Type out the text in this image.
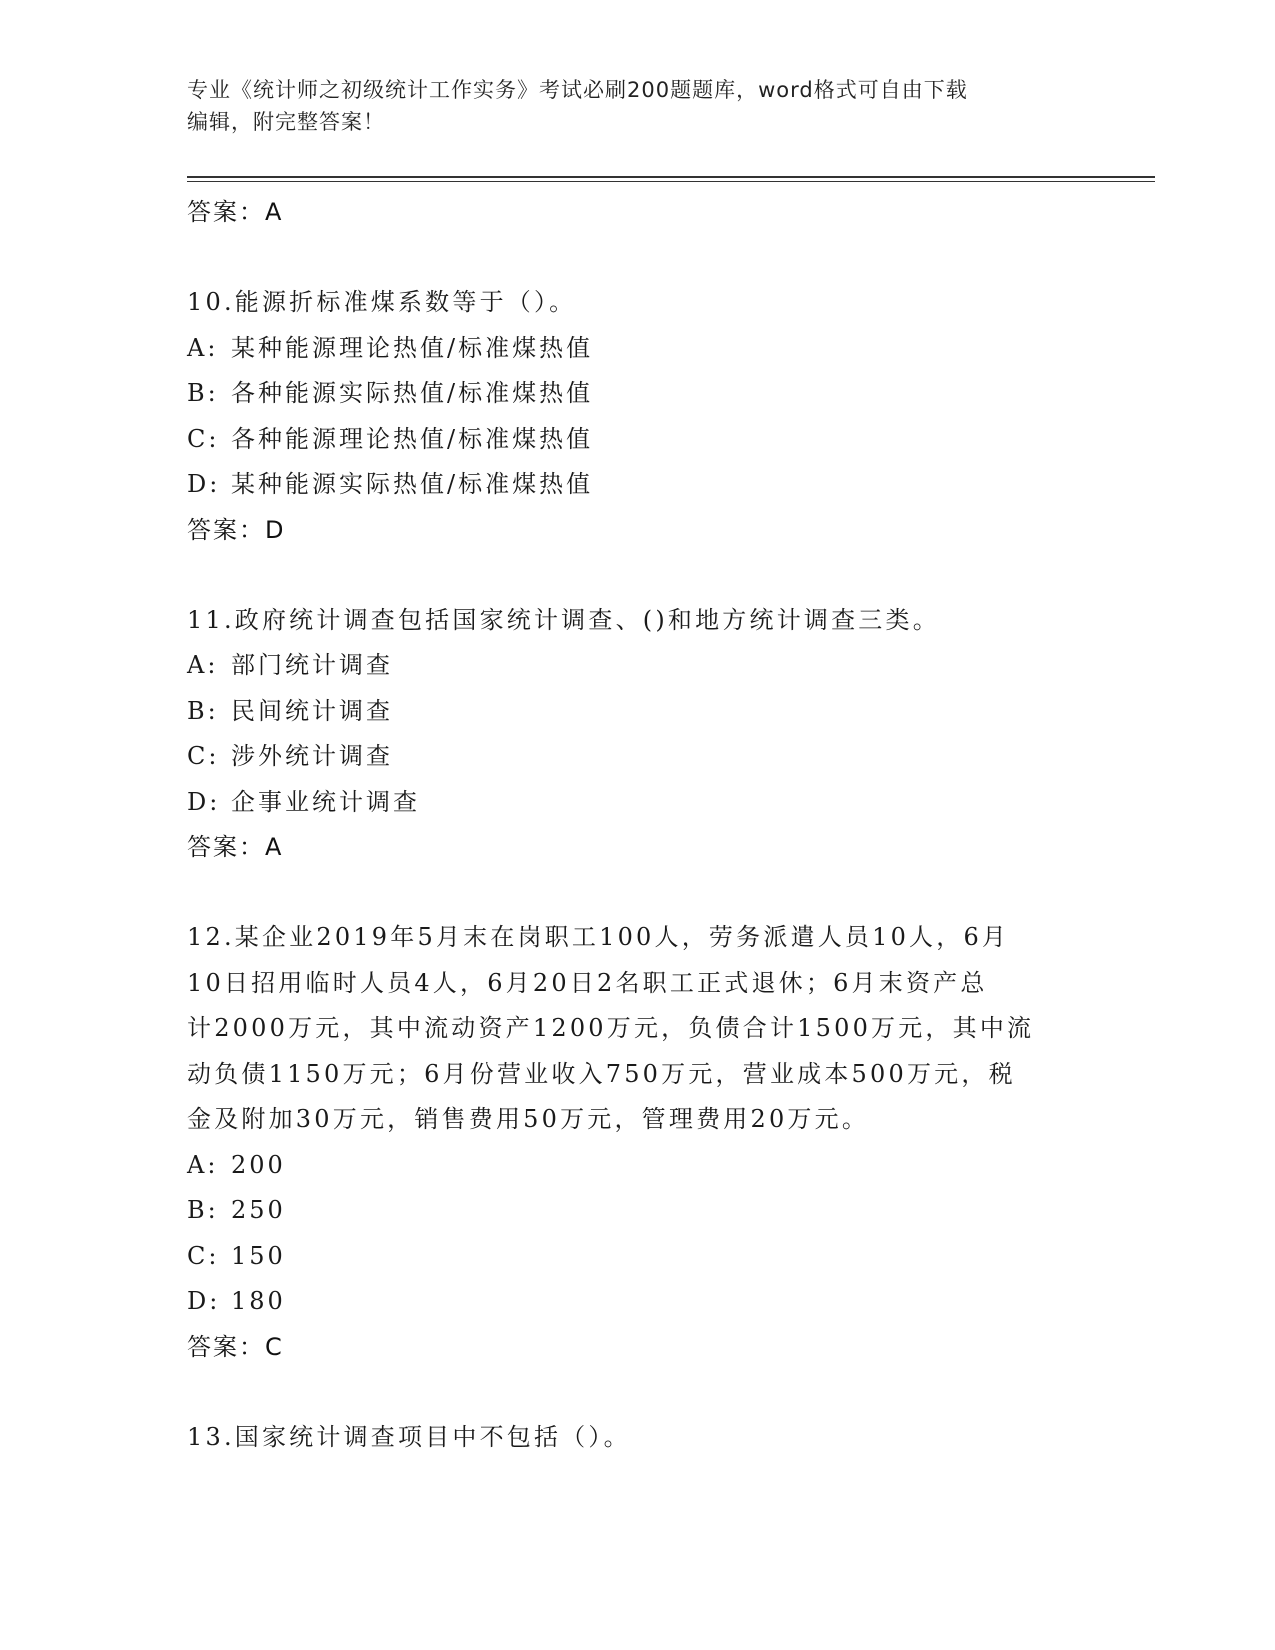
专业《统计师之初级统计工作实务》考试必刷200题题库，word格式可自由下载
编辑，附完整答案！
答案：A

10.能源折标准煤系数等于（）。

A: 某种能源理论热值/标准煤热值

B: 各种能源实际热值/标准煤热值

C: 各种能源理论热值/标准煤热值

D: 某种能源实际热值/标准煤热值

答案：D

11.政府统计调查包括国家统计调查、()和地方统计调查三类。

A: 部门统计调查

B: 民间统计调查

C: 涉外统计调查

D: 企事业统计调查

答案：A

12.某企业2019年5月末在岗职工100人，劳务派遣人员10人，6月

10日招用临时人员4人，6月20日2名职工正式退休；6月末资产总

计2000万元，其中流动资产1200万元，负债合计1500万元，其中流

动负债1150万元；6月份营业收入750万元，营业成本500万元，税

金及附加30万元，销售费用50万元，管理费用20万元。

A: 200

B: 250

C: 150

D: 180

答案：C

13.国家统计调查项目中不包括（）。
